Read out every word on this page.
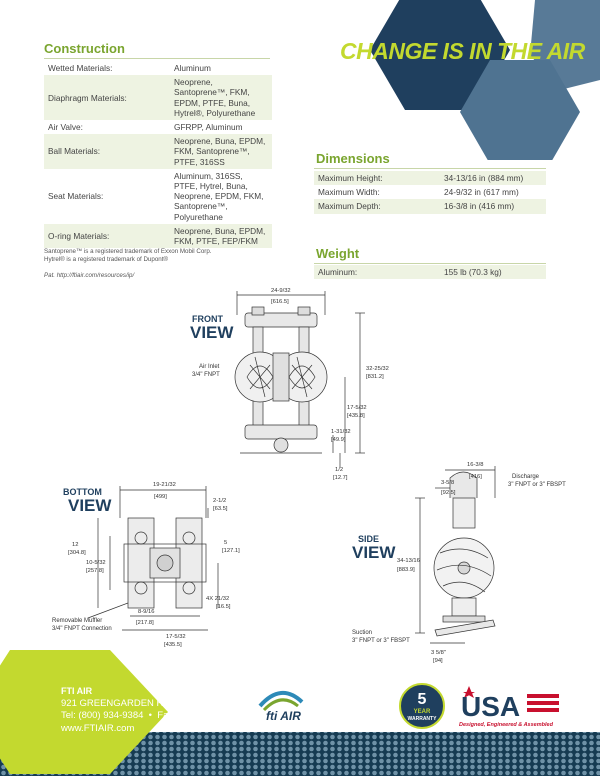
CHANGE IS IN THE AIR
Construction
Wetted Materials:	Aluminum
Diaphragm Materials:	Neoprene, Santoprene™, FKM, EPDM, PTFE, Buna, Hytrel®, Polyurethane
Air Valve:	GFRPP, Aluminum
Ball Materials:	Neoprene, Buna, EPDM, FKM, Santoprene™, PTFE, 316SS
Seat Materials:	Aluminum, 316SS, PTFE, Hytrel, Buna, Neoprene, EPDM, FKM, Santoprene™, Polyurethane
O-ring Materials:	Neoprene, Buna, EPDM, FKM, PTFE, FEP/FKM
Santoprene™ is a registered trademark of Exxon Mobil Corp.
Hytrel® is a registered trademark of Dupont®
Pat. http://ftiair.com/resources/ip/
Dimensions
Maximum Height:	34-13/16 in (884 mm)
Maximum Width:	24-9/32 in (617 mm)
Maximum Depth:	16-3/8 in (416 mm)
Weight
Aluminum:	155 lb (70.3 kg)
FRONT
VIEW
Air Inlet
3/4" FNPT
24-9/32
[616.5]
32-25/32
[831.2]
17-5/32
[435.8]
1-31/32
[49.9]
1/2
[12.7]
BOTTOM
VIEW
Removable Muffler
3/4" FNPT Connection
19-21/32
[499]
2-1/2
[63.5]
12
[304.8]
10-5/32
[257.8]
5
[127.1]
8-9/16
[217.8]
4X 21/32
[16.5]
17-5/32
[435.5]
SIDE
VIEW
Discharge
3" FNPT or 3" FBSPT
Suction
3" FNPT or 3" FBSPT
16-3/8
[416]
3-5/8
[92.5]
34-13/16
[883.9]
3 5/8"
[94]
FTI AIR
921 GREENGARDEN ROAD ERIE, PA 16501
Tel: (800) 934-9384  •  Fax: (814) 459-3460
www.FTIAIR.com
fti AIR
5
YEAR
WARRANTY USA
Designed, Engineered & Assembled
